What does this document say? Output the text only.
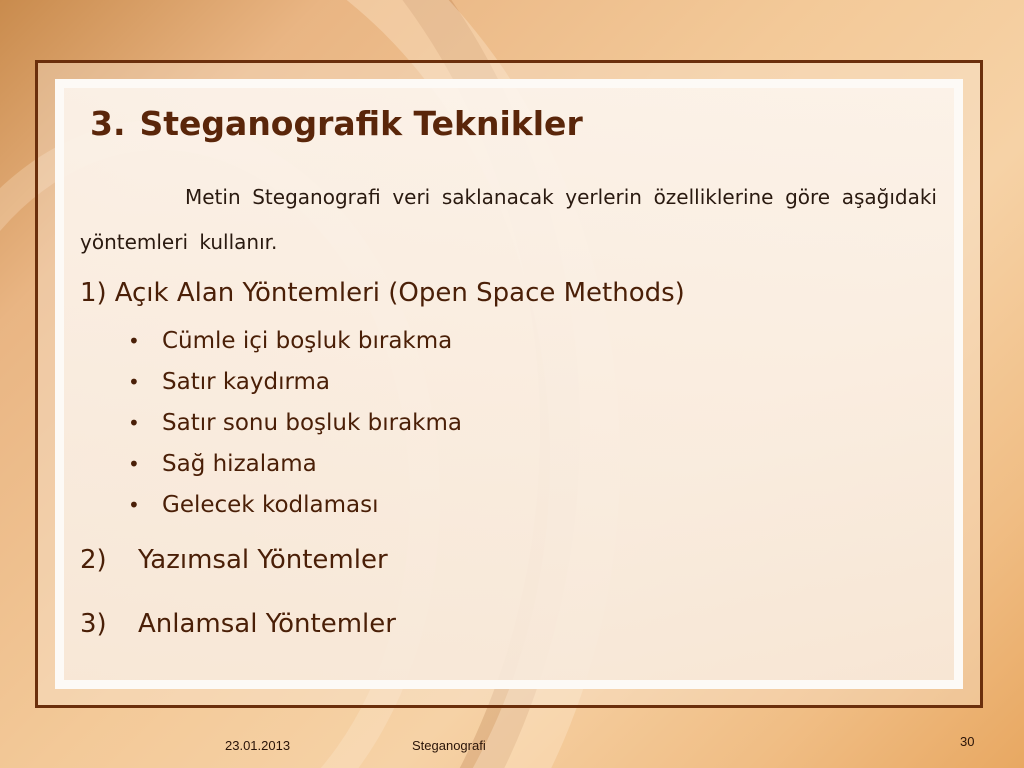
3. Steganografik Teknikler

Metin Steganografi veri saklanacak yerlerin özelliklerine göre aşağıdaki yöntemleri kullanır.

1) Açık Alan Yöntemleri (Open Space Methods)

• Cümle içi boşluk bırakma
• Satır kaydırma
• Satır sonu boşluk bırakma
• Sağ hizalama
• Gelecek kodlaması

2) Yazımsal Yöntemler

3) Anlamsal Yöntemler

23.01.2013	Steganografi	30
